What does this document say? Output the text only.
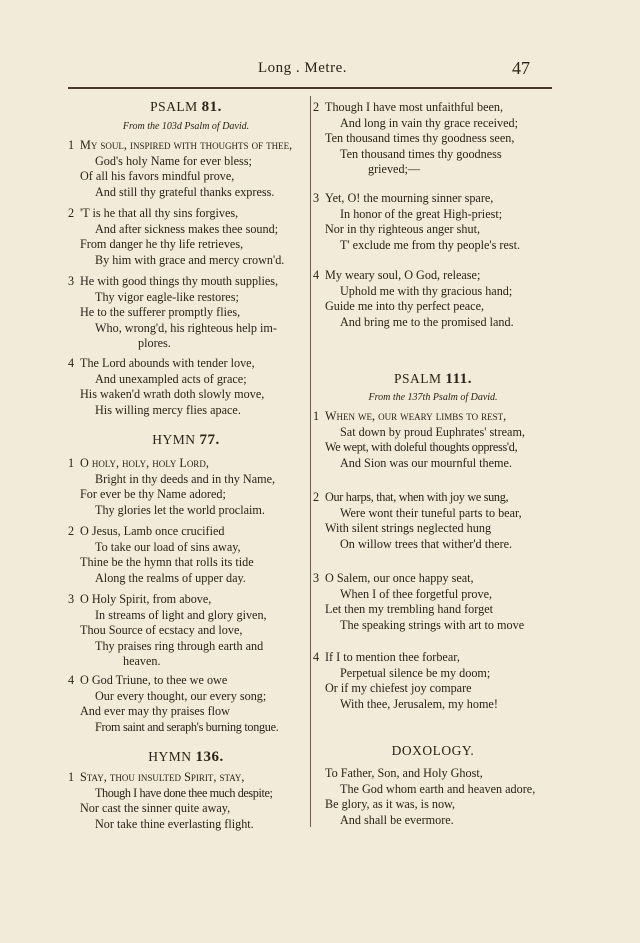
Long . Metre.	47
PSALM 81.
From the 103d Psalm of David.
1 My soul, inspired with thoughts of thee,
God's holy Name for ever bless;
Of all his favors mindful prove,
And still thy grateful thanks express.
2 'T is he that all thy sins forgives,
And after sickness makes thee sound;
From danger he thy life retrieves,
By him with grace and mercy crown'd.
3 He with good things thy mouth supplies,
Thy vigor eagle-like restores;
He to the sufferer promptly flies,
Who, wrong'd, his righteous help im-
plores.
4 The Lord abounds with tender love,
And unexampled acts of grace;
His waken'd wrath doth slowly move,
His willing mercy flies apace.
HYMN 77.
1 O holy, holy, holy Lord,
Bright in thy deeds and in thy Name,
For ever be thy Name adored;
Thy glories let the world proclaim.
2 O Jesus, Lamb once crucified
To take our load of sins away,
Thine be the hymn that rolls its tide
Along the realms of upper day.
3 O Holy Spirit, from above,
In streams of light and glory given,
Thou Source of ecstacy and love,
Thy praises ring through earth and
heaven.
4 O God Triune, to thee we owe
Our every thought, our every song;
And ever may thy praises flow
From saint and seraph's burning tongue.
HYMN 136.
1 Stay, thou insulted Spirit, stay,
Though I have done thee much despite;
Nor cast the sinner quite away,
Nor take thine everlasting flight.
2 Though I have most unfaithful been,
And long in vain thy grace received;
Ten thousand times thy goodness seen,
Ten thousand times thy goodness
grieved;—
3 Yet, O! the mourning sinner spare,
In honor of the great High-priest;
Nor in thy righteous anger shut,
T' exclude me from thy people's rest.
4 My weary soul, O God, release;
Uphold me with thy gracious hand;
Guide me into thy perfect peace,
And bring me to the promised land.
PSALM 111.
From the 137th Psalm of David.
1 When we, our weary limbs to rest,
Sat down by proud Euphrates' stream,
We wept, with doleful thoughts oppress'd,
And Sion was our mournful theme.
2 Our harps, that, when with joy we sung,
Were wont their tuneful parts to bear,
With silent strings neglected hung
On willow trees that wither'd there.
3 O Salem, our once happy seat,
When I of thee forgetful prove,
Let then my trembling hand forget
The speaking strings with art to move
4 If I to mention thee forbear,
Perpetual silence be my doom;
Or if my chiefest joy compare
With thee, Jerusalem, my home!
DOXOLOGY.
To Father, Son, and Holy Ghost,
The God whom earth and heaven adore,
Be glory, as it was, is now,
And shall be evermore.
